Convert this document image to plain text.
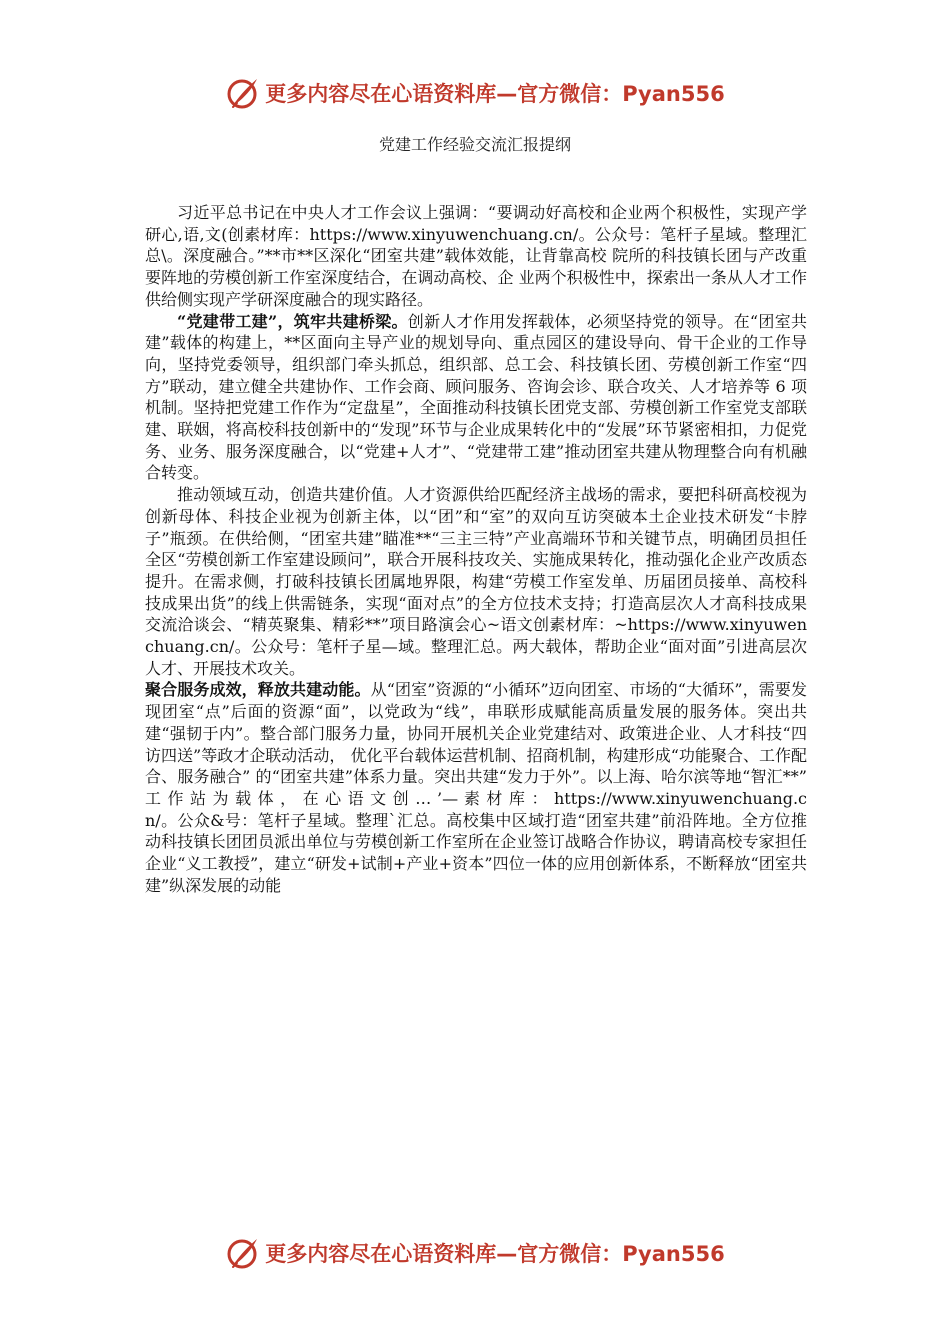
更多内容尽在心语资料库—官方微信：Pyan556
党建工作经验交流汇报提纲

习近平总书记在中央人才工作会议上强调：“要调动好高校和企业两个积极性，实现产学研心,语,文(创素材库：https://www.xinyuwenchuang.cn/。公众号：笔杆子星域。整理汇总\。深度融合。”**市**区深化“团室共建”载体效能，让背靠高校 院所的科技镇长团与产改重要阵地的劳模创新工作室深度结合，在调动高校、企 业两个积极性中，探索出一条从人才工作供给侧实现产学研深度融合的现实路径。

“党建带工建”，筑牢共建桥梁。创新人才作用发挥载体，必须坚持党的领导。在“团室共建”载体的构建上，**区面向主导产业的规划导向、重点园区的建设导向、骨干企业的工作导向，坚持党委领导，组织部门牵头抓总，组织部、总工会、科技镇长团、劳模创新工作室“四方”联动，建立健全共建协作、工作会商、顾问服务、咨询会诊、联合攻关、人才培养等 6 项机制。坚持把党建工作作为“定盘星”，全面推动科技镇长团党支部、劳模创新工作室党支部联建、联姻，将高校科技创新中的“发现”环节与企业成果转化中的“发展”环节紧密相扣，力促党务、业务、服务深度融合，以“党建+人才”、“党建带工建”推动团室共建从物理整合向有机融合转变。

推动领域互动，创造共建价值。人才资源供给匹配经济主战场的需求，要把科研高校视为创新母体、科技企业视为创新主体，以“团”和“室”的双向互访突破本土企业技术研发“卡脖子”瓶颈。在供给侧，“团室共建”瞄准**“三主三特”产业高端环节和关键节点，明确团员担任全区“劳模创新工作室建设顾问”，联合开展科技攻关、实施成果转化，推动强化企业产改质态提升。在需求侧，打破科技镇长团属地界限，构建“劳模工作室发单、历届团员接单、高校科技成果出货”的线上供需链条，实现“面对点”的全方位技术支持；打造高层次人才高科技成果交流洽谈会、“精英聚集、精彩**”项目路演会心~语文创素材库：~https://www.xinyuwenchuang.cn/。公众号：笔杆子星—域。整理汇总。两大载体，帮助企业“面对面”引进高层次人才、开展技术攻关。

聚合服务成效，释放共建动能。从“团室”资源的“小循环”迈向团室、市场的“大循环”，需要发现团室“点”后面的资源“面”，以党政为“线”，串联形成赋能高质量发展的服务体。突出共建“强韧于内”。整合部门服务力量，协同开展机关企业党建结对、政策进企业、人才科技“四访四送”等政才企联动活动， 优化平台载体运营机制、招商机制，构建形成“功能聚合、工作配合、服务融合” 的“团室共建”体系力量。突出共建“发力于外”。以上海、哈尔滨等地“智汇**” 工 作 站 为 载 体 ， 在 心 语 文 创 … ’— 素 材 库 ： https://www.xinyuwenchuang.cn/。公众&号：笔杆子星域。整理`汇总。高校集中区域打造“团室共建”前沿阵地。全方位推动科技镇长团团员派出单位与劳模创新工作室所在企业签订战略合作协议，聘请高校专家担任企业“义工教授”，建立“研发+试制+产业+资本”四位一体的应用创新体系，不断释放“团室共建”纵深发展的动能

更多内容尽在心语资料库—官方微信：Pyan556
